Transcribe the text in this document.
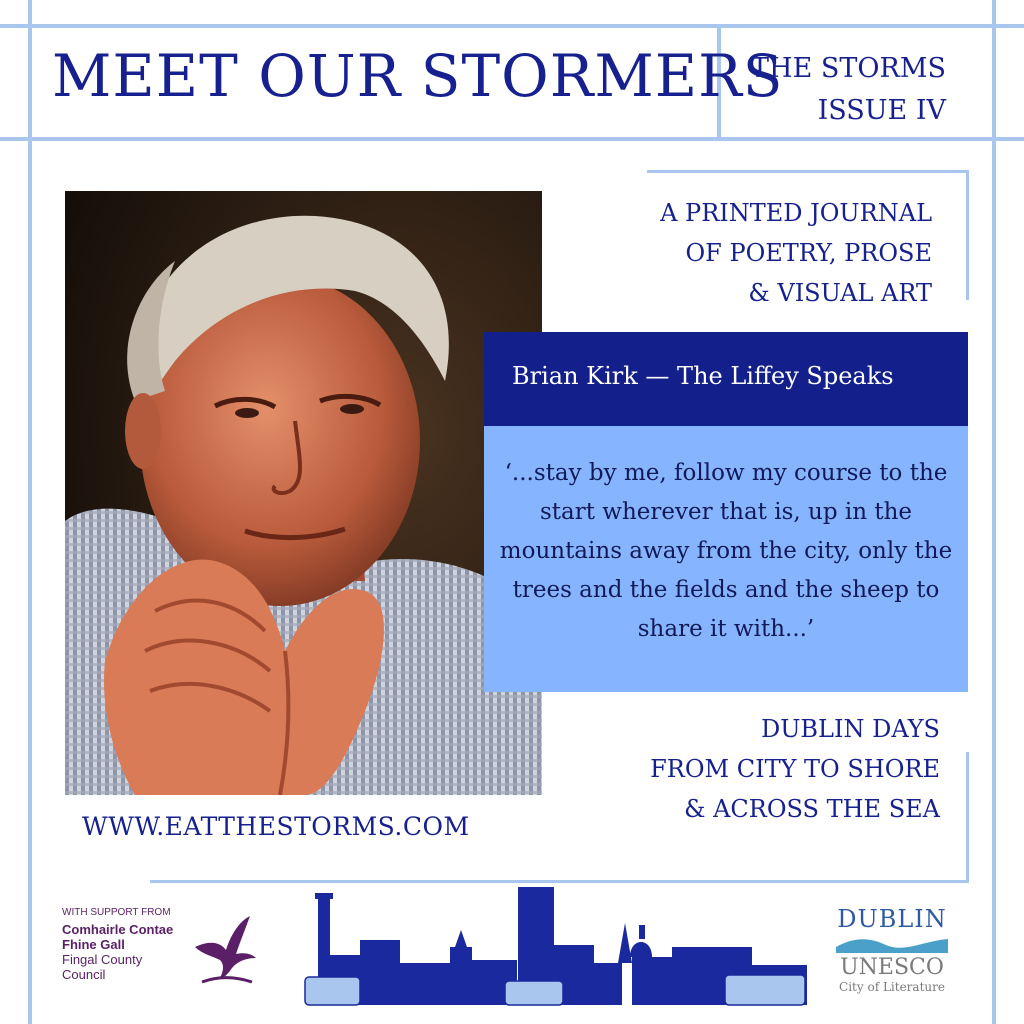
MEET OUR STORMERS
THE STORMS
ISSUE IV
A PRINTED JOURNAL
OF POETRY, PROSE
& VISUAL ART
Brian Kirk — The Liffey Speaks
‘...stay by me, follow my course to the start wherever that is, up in the mountains away from the city, only the trees and the fields and the sheep to share it with...’
DUBLIN DAYS
FROM CITY TO SHORE
& ACROSS THE SEA
WWW.EATTHESTORMS.COM
WITH SUPPORT FROM
Comhairle Contae
Fhine Gall
Fingal County
Council
DUBLIN
UNESCO
City of Literature
